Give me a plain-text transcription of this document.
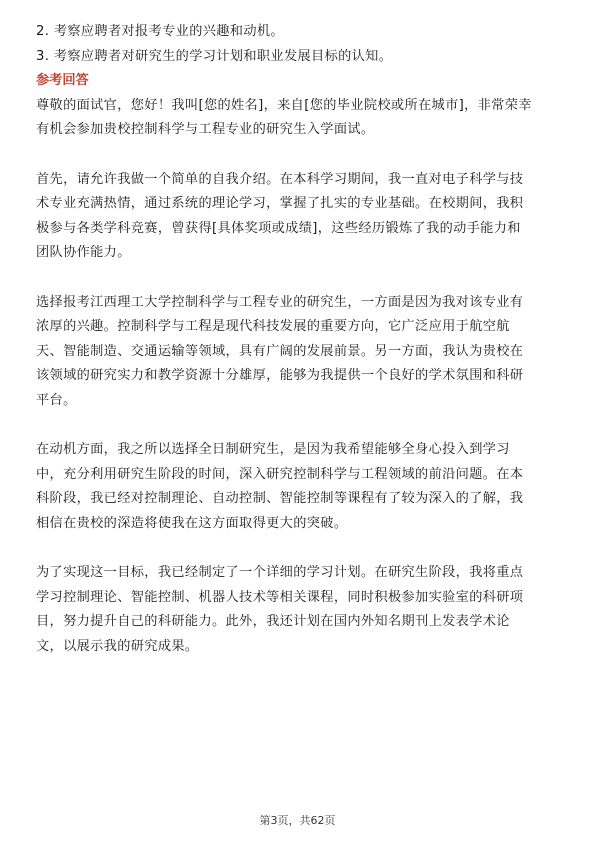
2. 考察应聘者对报考专业的兴趣和动机。
3. 考察应聘者对研究生的学习计划和职业发展目标的认知。
参考回答
尊敬的面试官，您好！我叫[您的姓名]，来自[您的毕业院校或所在城市]，非常荣幸
有机会参加贵校控制科学与工程专业的研究生入学面试。
首先，请允许我做一个简单的自我介绍。在本科学习期间，我一直对电子科学与技
术专业充满热情，通过系统的理论学习，掌握了扎实的专业基础。在校期间，我积
极参与各类学科竞赛，曾获得[具体奖项或成绩]，这些经历锻炼了我的动手能力和
团队协作能力。
选择报考江西理工大学控制科学与工程专业的研究生，一方面是因为我对该专业有
浓厚的兴趣。控制科学与工程是现代科技发展的重要方向，它广泛应用于航空航
天、智能制造、交通运输等领域，具有广阔的发展前景。另一方面，我认为贵校在
该领域的研究实力和教学资源十分雄厚，能够为我提供一个良好的学术氛围和科研
平台。
在动机方面，我之所以选择全日制研究生，是因为我希望能够全身心投入到学习
中，充分利用研究生阶段的时间，深入研究控制科学与工程领域的前沿问题。在本
科阶段，我已经对控制理论、自动控制、智能控制等课程有了较为深入的了解，我
相信在贵校的深造将使我在这方面取得更大的突破。
为了实现这一目标，我已经制定了一个详细的学习计划。在研究生阶段，我将重点
学习控制理论、智能控制、机器人技术等相关课程，同时积极参加实验室的科研项
目，努力提升自己的科研能力。此外，我还计划在国内外知名期刊上发表学术论
文，以展示我的研究成果。
第3页，共62页
